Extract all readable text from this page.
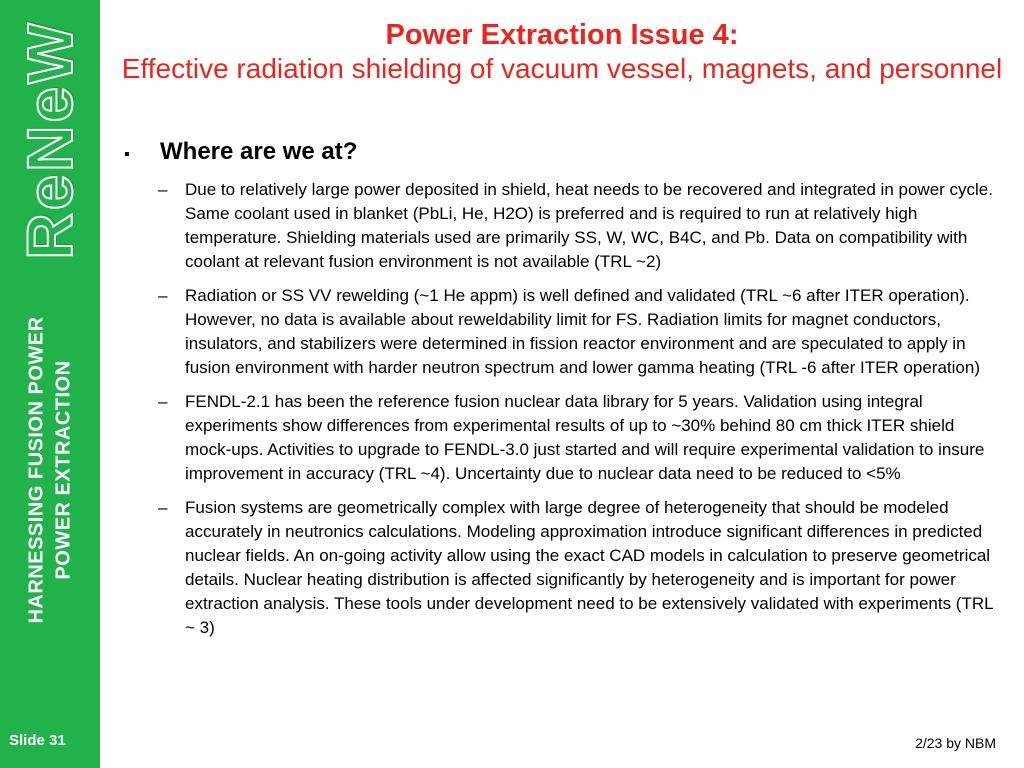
ReNeW
HARNESSING FUSION POWER POWER EXTRACTION
Slide 31
Power Extraction Issue 4:
Effective radiation shielding of vacuum vessel, magnets, and personnel
▪	Where are we at?
–	Due to relatively large power deposited in shield, heat needs to be recovered and integrated in power cycle. Same coolant used in blanket (PbLi, He, H2O) is preferred and is required to run at relatively high temperature. Shielding materials used are primarily SS, W, WC, B4C, and Pb. Data on compatibility with coolant at relevant fusion environment is not available (TRL ~2)
–	Radiation or SS VV rewelding (~1 He appm) is well defined and validated (TRL ~6 after ITER operation). However, no data is available about reweldability limit for FS. Radiation limits for magnet conductors, insulators, and stabilizers were determined in fission reactor environment and are speculated to apply in fusion environment with harder neutron spectrum and lower gamma heating (TRL -6 after ITER operation)
–	FENDL-2.1 has been the reference fusion nuclear data library for 5 years. Validation using integral experiments show differences from experimental results of up to ~30% behind 80 cm thick ITER shield mock-ups. Activities to upgrade to FENDL-3.0 just started and will require experimental validation to insure improvement in accuracy (TRL ~4). Uncertainty due to nuclear data need to be reduced to <5%
–	Fusion systems are geometrically complex with large degree of heterogeneity that should be modeled accurately in neutronics calculations. Modeling approximation introduce significant differences in predicted nuclear fields. An on-going activity allow using the exact CAD models in calculation to preserve geometrical details. Nuclear heating distribution is affected significantly by heterogeneity and is important for power extraction analysis. These tools under development need to be extensively validated with experiments (TRL ~ 3)
2/23 by NBM
